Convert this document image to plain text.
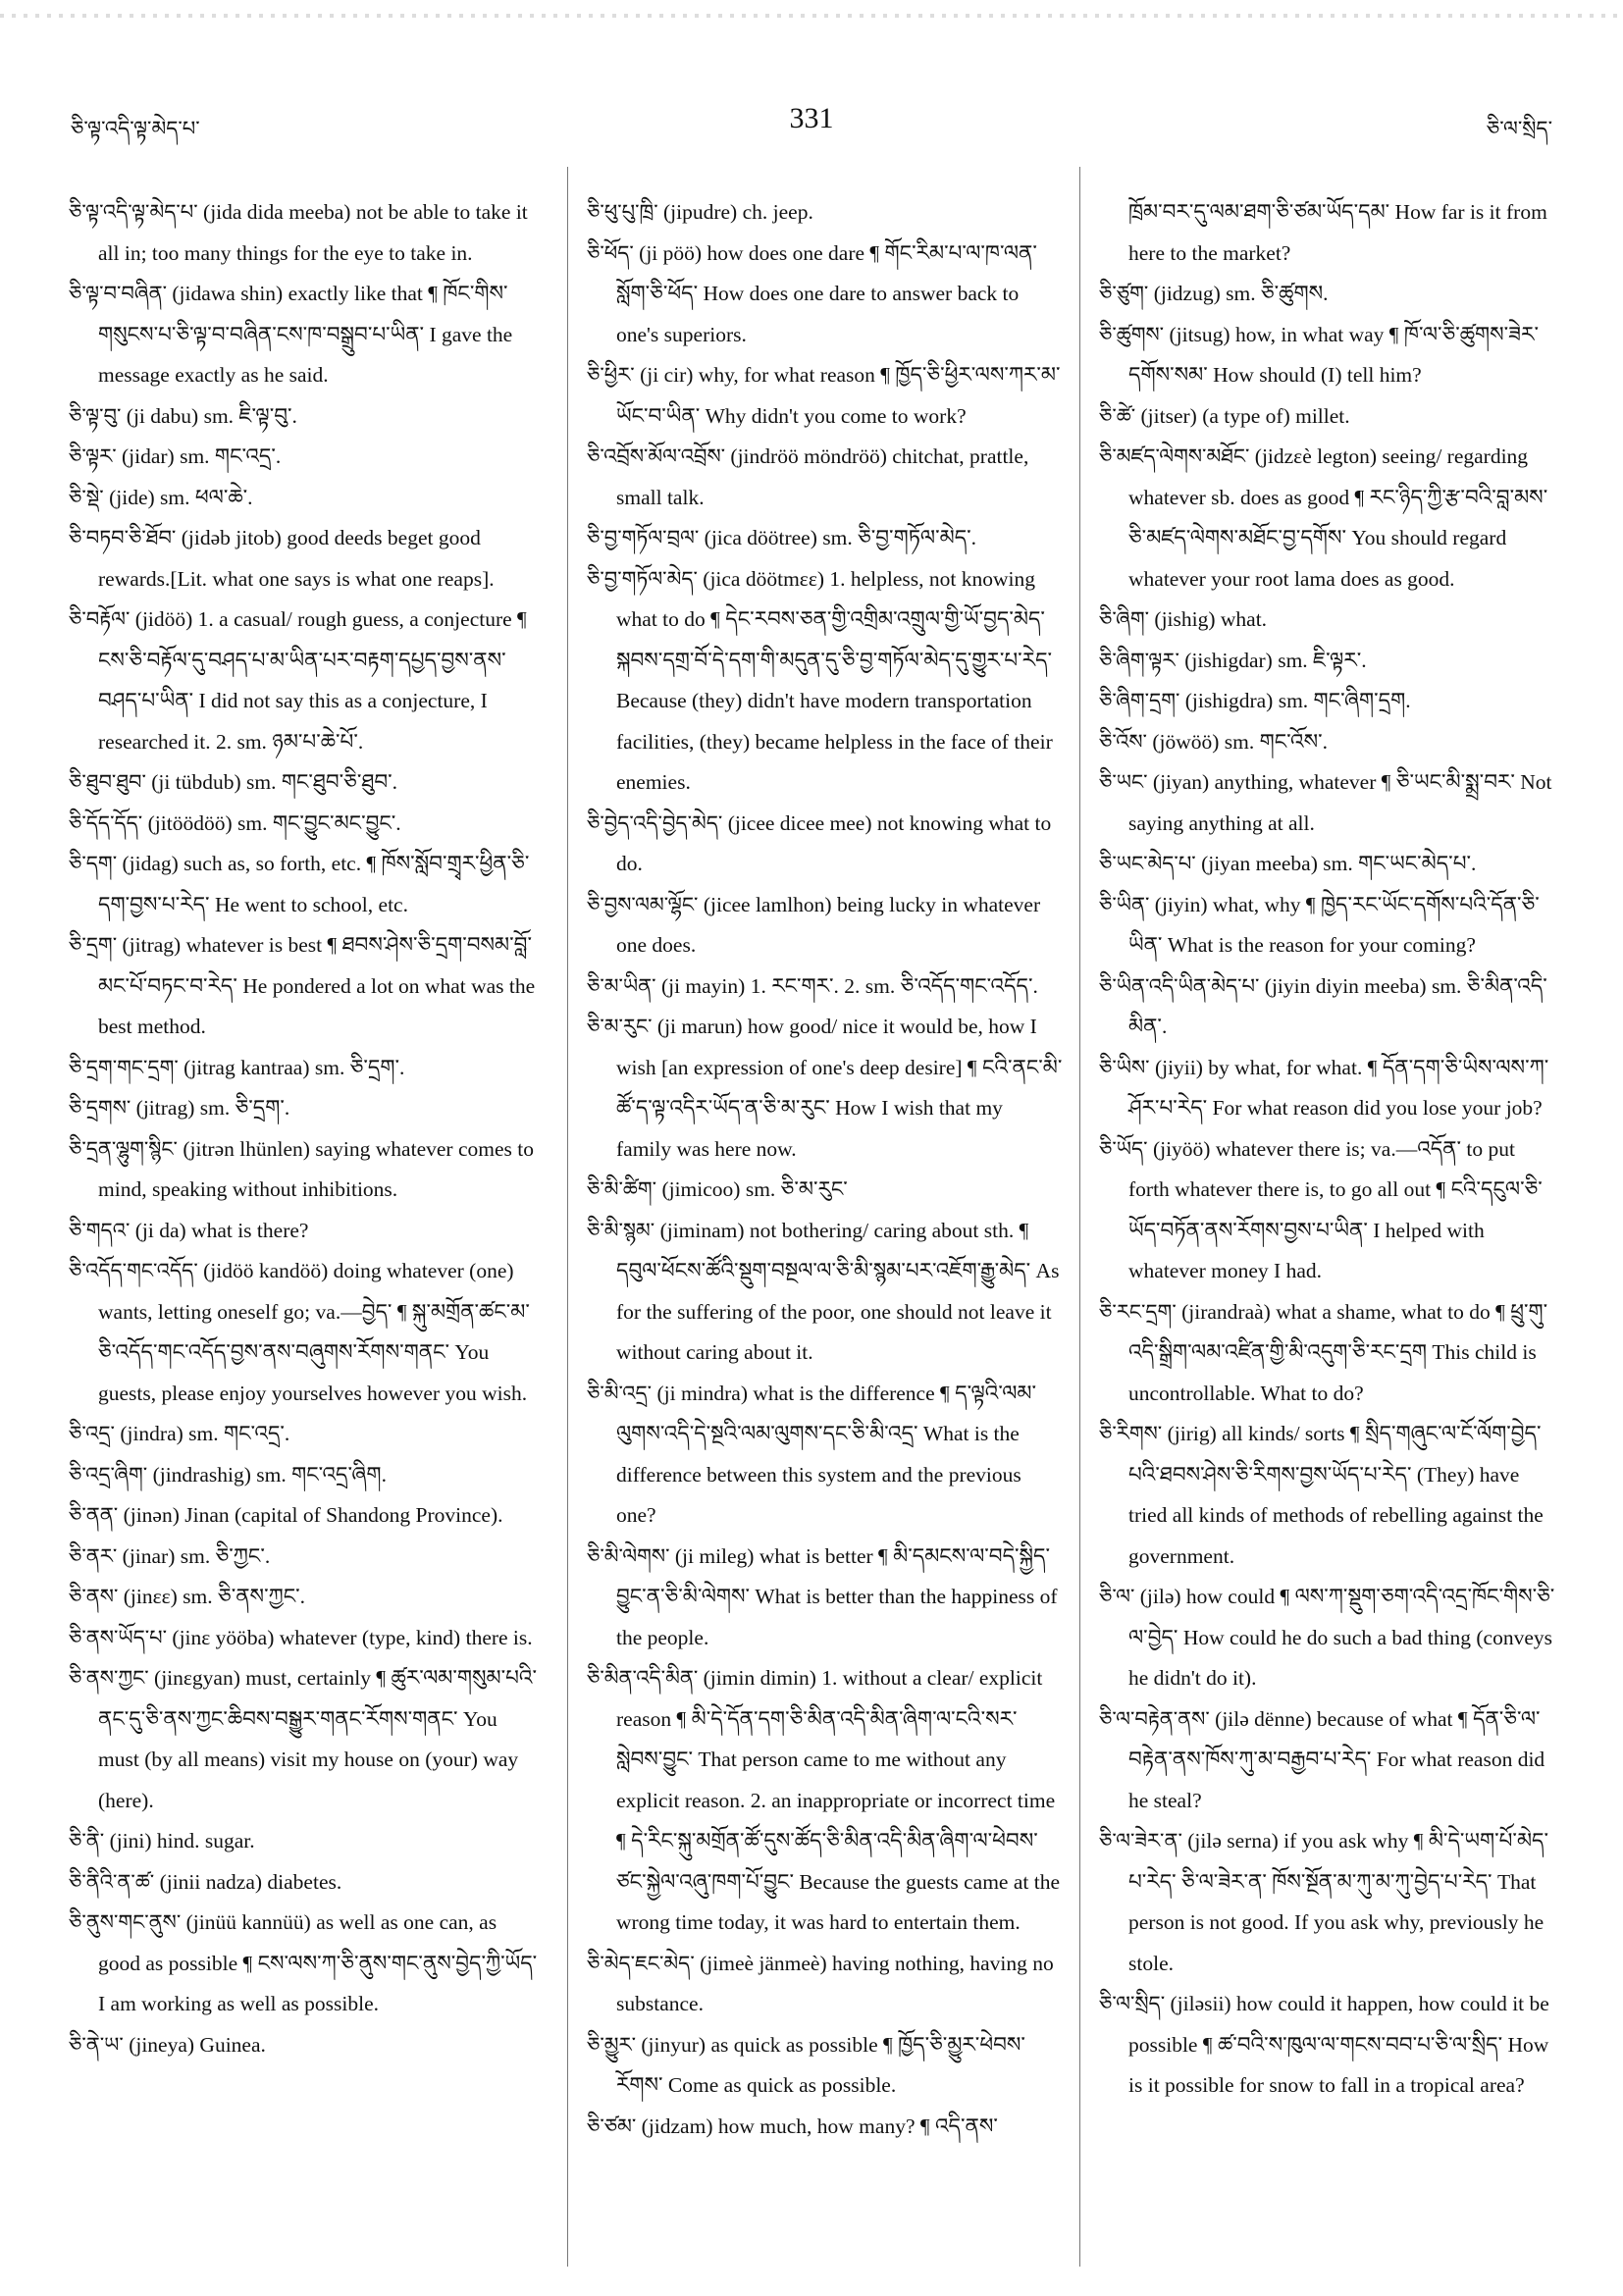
ཅི་ལྟ་འདི་ལྟ་མེད་པ་	331	ཅི་ལ་སྲིད་

ཅི་ལྟ་འདི་ལྟ་མེད་པ་ (jida dida meeba) not be able to take it all in; too many things for the eye to take in.

ཅི་ལྟ་བ་བཞིན་ (jidawa shin) exactly like that ¶ ཁོང་གིས་གསུངས་པ་ཅི་ལྟ་བ་བཞིན་ངས་ཁ་བསྒྲུབ་པ་ཡིན་ I gave the message exactly as he said.

ཅི་ལྟ་བུ་ (ji dabu) sm. ཇི་ལྟ་བུ་.

ཅི་ལྟར་ (jidar) sm. གང་འདྲ་.

ཅི་སྡེ་ (jide) sm. ཕལ་ཆེ་.

ཅི་བཏབ་ཅི་ཐོབ་ (jidəb jitob) good deeds beget good rewards.[Lit. what one says is what one reaps].

ཅི་བརྟོལ་ (jidöö) 1. a casual/ rough guess, a conjecture ¶ ངས་ཅི་བརྟོལ་དུ་བཤད་པ་མ་ཡིན་པར་བརྟག་དཔྱད་བྱས་ནས་བཤད་པ་ཡིན་ I did not say this as a conjecture, I researched it. 2. sm. ཉམ་པ་ཆེ་པོ་.

ཅི་ཐུབ་ཐུབ་ (ji tübdub) sm. གང་ཐུབ་ཅི་ཐུབ་.

ཅི་དོད་དོད་ (jitöödöö) sm. གང་བྱུང་མང་བྱུང་.

ཅི་དག་ (jidag) such as, so forth, etc. ¶ ཁོས་སློབ་གྲྭར་ཕྱིན་ཅི་དག་བྱས་པ་རེད་ He went to school, etc.

ཅི་དྲག་ (jitrag) whatever is best ¶ ཐབས་ཤེས་ཅི་དྲག་བསམ་བློ་མང་པོ་བཏང་བ་རེད་ He pondered a lot on what was the best method.

ཅི་དྲག་གང་དྲག་ (jitrag kantraa) sm. ཅི་དྲག་.

ཅི་དྲགས་ (jitrag) sm. ཅི་དྲག་.

ཅི་དྲན་ལྷུག་སྙིང་ (jitrən lhünlen) saying whatever comes to mind, speaking without inhibitions.

ཅི་གདའ་ (ji da) what is there?

ཅི་འདོད་གང་འདོད་ (jidöö kandöö) doing whatever (one) wants, letting oneself go; va.—བྱེད་ ¶ སྐུ་མགྲོན་ཚང་མ་ཅི་འདོད་གང་འདོད་བྱས་ནས་བཞུགས་རོགས་གནང་ You guests, please enjoy yourselves however you wish.

ཅི་འདྲ་ (jindra) sm. གང་འདྲ་.

ཅི་འདྲ་ཞིག་ (jindrashig) sm. གང་འདྲ་ཞིག.

ཅི་ནན་ (jinən) Jinan (capital of Shandong Province).

ཅི་ནར་ (jinar) sm. ཅི་ཀྱང་.

ཅི་ནས་ (jinεε) sm. ཅི་ནས་ཀྱང་.

ཅི་ནས་ཡོད་པ་ (jinε yööba) whatever (type, kind) there is.

ཅི་ནས་ཀྱང་ (jinεgyan) must, certainly ¶ ཚུར་ལམ་གསུམ་པའི་ནང་དུ་ཅི་ནས་ཀྱང་ཆིབས་བསྒྱུར་གནང་རོགས་གནང་ You must (by all means) visit my house on (your) way (here).

ཅི་ནི་ (jini) hind. sugar.

ཅི་ནིའི་ན་ཚ་ (jinii nadza) diabetes.

ཅི་ནུས་གང་ནུས་ (jinüü kannüü) as well as one can, as good as possible ¶ ངས་ལས་ཀ་ཅི་ནུས་གང་ནུས་བྱེད་ཀྱི་ཡོད་ I am working as well as possible.

ཅི་ནེ་ཡ་ (jineya) Guinea.

ཅི་ཕུ་པུ་ཁྲི་ (jipudre) ch. jeep.

ཅི་ཕོད་ (ji pöö) how does one dare ¶ གོང་རིམ་པ་ལ་ཁ་ལན་སློག་ཅི་ཕོད་ How does one dare to answer back to one's superiors.

ཅི་ཕྱིར་ (ji cir) why, for what reason ¶ ཁྱོད་ཅི་ཕྱིར་ལས་ཀར་མ་ཡོང་བ་ཡིན་ Why didn't you come to work?

ཅི་འབྲོས་མོལ་འབྲོས་ (jindröö möndröö) chitchat, prattle, small talk.

ཅི་བྱ་གཏོལ་བྲལ་ (jica döötree) sm. ཅི་བྱ་གཏོལ་མེད་.

ཅི་བྱ་གཏོལ་མེད་ (jica döötmεε) 1. helpless, not knowing what to do ¶ དེང་རབས་ཅན་གྱི་འགྲིམ་འགྲུལ་གྱི་ཡོ་བྱད་མེད་སྐབས་དགྲ་བོ་དེ་དག་གི་མདུན་དུ་ཅི་བྱ་གཏོལ་མེད་དུ་གྱུར་པ་རེད་ Because (they) didn't have modern transportation facilities, (they) became helpless in the face of their enemies.

ཅི་བྱེད་འདི་བྱེད་མེད་ (jicee dicee mee) not knowing what to do.

ཅི་བྱས་ལམ་ལྷོང་ (jicee lamlhon) being lucky in whatever one does.

ཅི་མ་ཡིན་ (ji mayin) 1. རང་གར་. 2. sm. ཅི་འདོད་གང་འདོད་.

ཅི་མ་རུང་ (ji marun) how good/ nice it would be, how I wish [an expression of one's deep desire] ¶ ངའི་ནང་མི་ཚོ་ད་ལྟ་འདིར་ཡོད་ན་ཅི་མ་རུང་ How I wish that my family was here now.

ཅི་མི་ཚིག་ (jimicoo) sm. ཅི་མ་རུང་

ཅི་མི་སྙམ་ (jiminam) not bothering/ caring about sth. ¶ དབུལ་ཕོངས་ཚོའི་སྡུག་བསྔལ་ལ་ཅི་མི་སྙམ་པར་འཇོག་རྒྱུ་མེད་ As for the suffering of the poor, one should not leave it without caring about it.

ཅི་མི་འདྲ་ (ji mindra) what is the difference ¶ ད་ལྟའི་ལམ་ལུགས་འདི་དེ་སྔའི་ལམ་ལུགས་དང་ཅི་མི་འདྲ་ What is the difference between this system and the previous one?

ཅི་མི་ལེགས་ (ji mileg) what is better ¶ མི་དམངས་ལ་བདེ་སྐྱིད་བྱུང་ན་ཅི་མི་ལེགས་ What is better than the happiness of the people.

ཅི་མིན་འདི་མིན་ (jimin dimin) 1. without a clear/ explicit reason ¶ མི་དེ་དོན་དག་ཅི་མིན་འདི་མིན་ཞིག་ལ་ངའི་སར་སླེབས་བྱུང་ That person came to me without any explicit reason. 2. an inappropriate or incorrect time ¶ དེ་རིང་སྐུ་མགྲོན་ཚོ་དུས་ཚོད་ཅི་མིན་འདི་མིན་ཞིག་ལ་ཕེབས་ཙང་སྐྱེལ་འཞུ་ཁག་པོ་བྱུང་ Because the guests came at the wrong time today, it was hard to entertain them.

ཅི་མེད་ཇང་མེད་ (jimeè jänmeè) having nothing, having no substance.

ཅི་མྱུར་ (jinyur) as quick as possible ¶ ཁྱོད་ཅི་མྱུར་ཕེབས་རོགས་ Come as quick as possible.

ཅི་ཙམ་ (jidzam) how much, how many? ¶ འདི་ནས་

ཁྲོམ་བར་དུ་ལམ་ཐག་ཅི་ཙམ་ཡོད་དམ་ How far is it from here to the market?

ཅི་ཙུག་ (jidzug) sm. ཅི་ཚུགས.

ཅི་ཚུགས་ (jitsug) how, in what way ¶ ཁོ་ལ་ཅི་ཚུགས་ཟེར་དགོས་སམ་ How should (I) tell him?

ཅི་ཚེ་ (jitser) (a type of) millet.

ཅི་མཛད་ལེགས་མཐོང་ (jidzεè legton) seeing/ regarding whatever sb. does as good ¶ རང་ཉིད་ཀྱི་རྩ་བའི་བླ་མས་ཅི་མཛད་ལེགས་མཐོང་བྱ་དགོས་ You should regard whatever your root lama does as good.

ཅི་ཞིག་ (jishig) what.

ཅི་ཞིག་ལྟར་ (jishigdar) sm. ཇི་ལྟར་.

ཅི་ཞིག་དྲག་ (jishigdra) sm. གང་ཞིག་དྲག.

ཅི་འོས་ (jöwöö) sm. གང་འོས་.

ཅི་ཡང་ (jiyan) anything, whatever ¶ ཅི་ཡང་མི་སྨྲ་བར་ Not saying anything at all.

ཅི་ཡང་མེད་པ་ (jiyan meeba) sm. གང་ཡང་མེད་པ་.

ཅི་ཡིན་ (jiyin) what, why ¶ ཁྱེད་རང་ཡོང་དགོས་པའི་དོན་ཅི་ཡིན་ What is the reason for your coming?

ཅི་ཡིན་འདི་ཡིན་མེད་པ་ (jiyin diyin meeba) sm. ཅི་མིན་འདི་མིན་.

ཅི་ཡིས་ (jiyii) by what, for what. ¶ དོན་དག་ཅི་ཡིས་ལས་ཀ་ཤོར་པ་རེད་ For what reason did you lose your job?

ཅི་ཡོད་ (jiyöö) whatever there is; va.—འདོན་ to put forth whatever there is, to go all out ¶ ངའི་དངུལ་ཅི་ཡོད་བཏོན་ནས་རོགས་བྱས་པ་ཡིན་ I helped with whatever money I had.

ཅི་རང་དྲག་ (jirandraà) what a shame, what to do ¶ ཕྲུ་གུ་འདི་སྒྲིག་ལམ་འཛིན་གྱི་མི་འདུག་ཅི་རང་དྲག This child is uncontrollable. What to do?

ཅི་རིགས་ (jirig) all kinds/ sorts ¶ སྲིད་གཞུང་ལ་ངོ་ལོག་བྱེད་པའི་ཐབས་ཤེས་ཅི་རིགས་བྱས་ཡོད་པ་རེད་ (They) have tried all kinds of methods of rebelling against the government.

ཅི་ལ་ (jilə) how could ¶ ལས་ཀ་སྡུག་ཅག་འདི་འདྲ་ཁོང་གིས་ཅི་ལ་བྱེད་ How could he do such a bad thing (conveys he didn't do it).

ཅི་ལ་བརྟེན་ནས་ (jilə dënne) because of what ¶ དོན་ཅི་ལ་བརྟེན་ནས་ཁོས་ཀུ་མ་བརྒྱབ་པ་རེད་ For what reason did he steal?

ཅི་ལ་ཟེར་ན་ (jilə serna) if you ask why ¶ མི་དེ་ཡག་པོ་མེད་པ་རེད་ ཅི་ལ་ཟེར་ན་ ཁོས་སྔོན་མ་ཀུ་མ་ཀུ་བྱེད་པ་རེད་ That person is not good. If you ask why, previously he stole.

ཅི་ལ་སྲིད་ (jiləsii) how could it happen, how could it be possible ¶ ཚ་བའི་ས་ཁུལ་ལ་གངས་བབ་པ་ཅི་ལ་སྲིད་ How is it possible for snow to fall in a tropical area?
